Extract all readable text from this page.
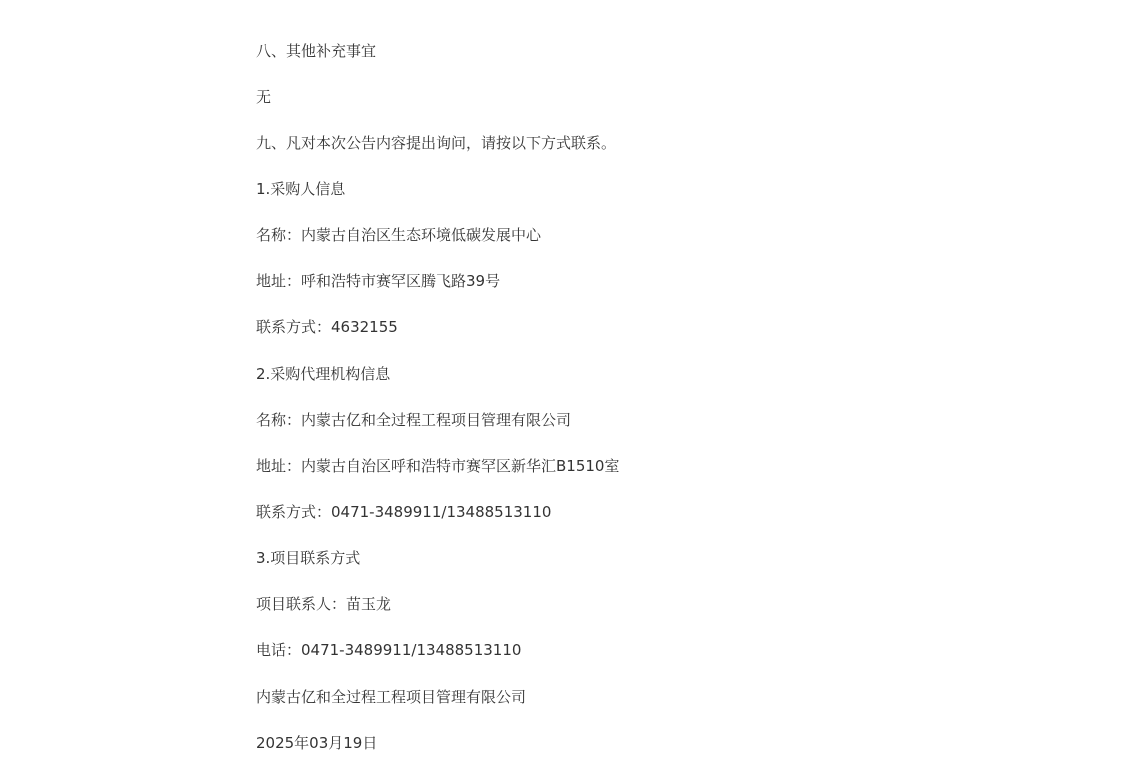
八、其他补充事宜
无
九、凡对本次公告内容提出询问，请按以下方式联系。
1.采购人信息
名称：内蒙古自治区生态环境低碳发展中心
地址：呼和浩特市赛罕区腾飞路39号
联系方式：4632155
2.采购代理机构信息
名称：内蒙古亿和全过程工程项目管理有限公司
地址：内蒙古自治区呼和浩特市赛罕区新华汇B1510室
联系方式：0471-3489911/13488513110
3.项目联系方式
项目联系人：苗玉龙
电话：0471-3489911/13488513110
内蒙古亿和全过程工程项目管理有限公司
2025年03月19日
